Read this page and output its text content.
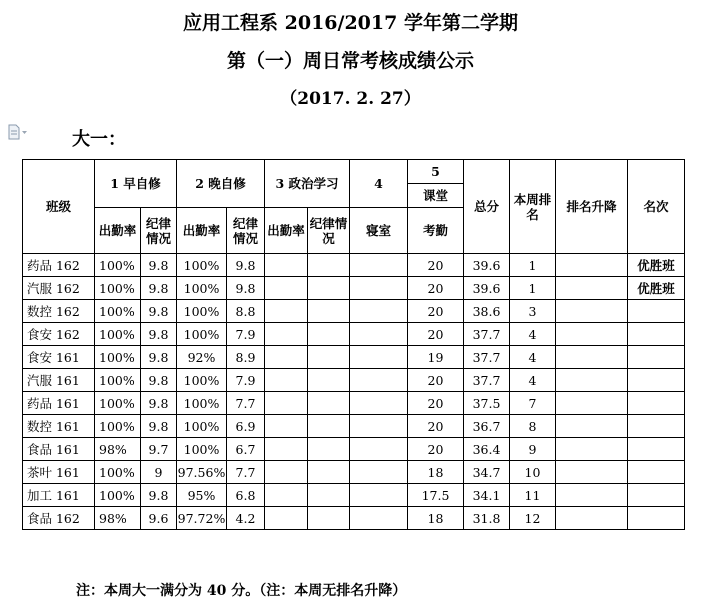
应用工程系 2016/2017 学年第二学期
第（一）周日常考核成绩公示
（2017. 2. 27）
大一：
班级	1 早自修		2 晚自修		3 政治学习		4	5	总分	本周排名	排名升降	名次
								课堂				
	出勤率	纪律情况	出勤率	纪律情况	出勤率	纪律情况	寝室	考勤				
药品 162	100%	9.8	100%	9.8				20	39.6	1		优胜班
汽服 162	100%	9.8	100%	9.8				20	39.6	1		优胜班
数控 162	100%	9.8	100%	8.8				20	38.6	3		
食安 162	100%	9.8	100%	7.9				20	37.7	4		
食安 161	100%	9.8	92%	8.9				19	37.7	4		
汽服 161	100%	9.8	100%	7.9				20	37.7	4		
药品 161	100%	9.8	100%	7.7				20	37.5	7		
数控 161	100%	9.8	100%	6.9				20	36.7	8		
食品 161	98%	9.7	100%	6.7				20	36.4	9		
茶叶 161	100%	9	97.56%	7.7				18	34.7	10		
加工 161	100%	9.8	95%	6.8				17.5	34.1	11		
食品 162	98%	9.6	97.72%	4.2				18	31.8	12		
注：本周大一满分为 40 分。（注：本周无排名升降）
